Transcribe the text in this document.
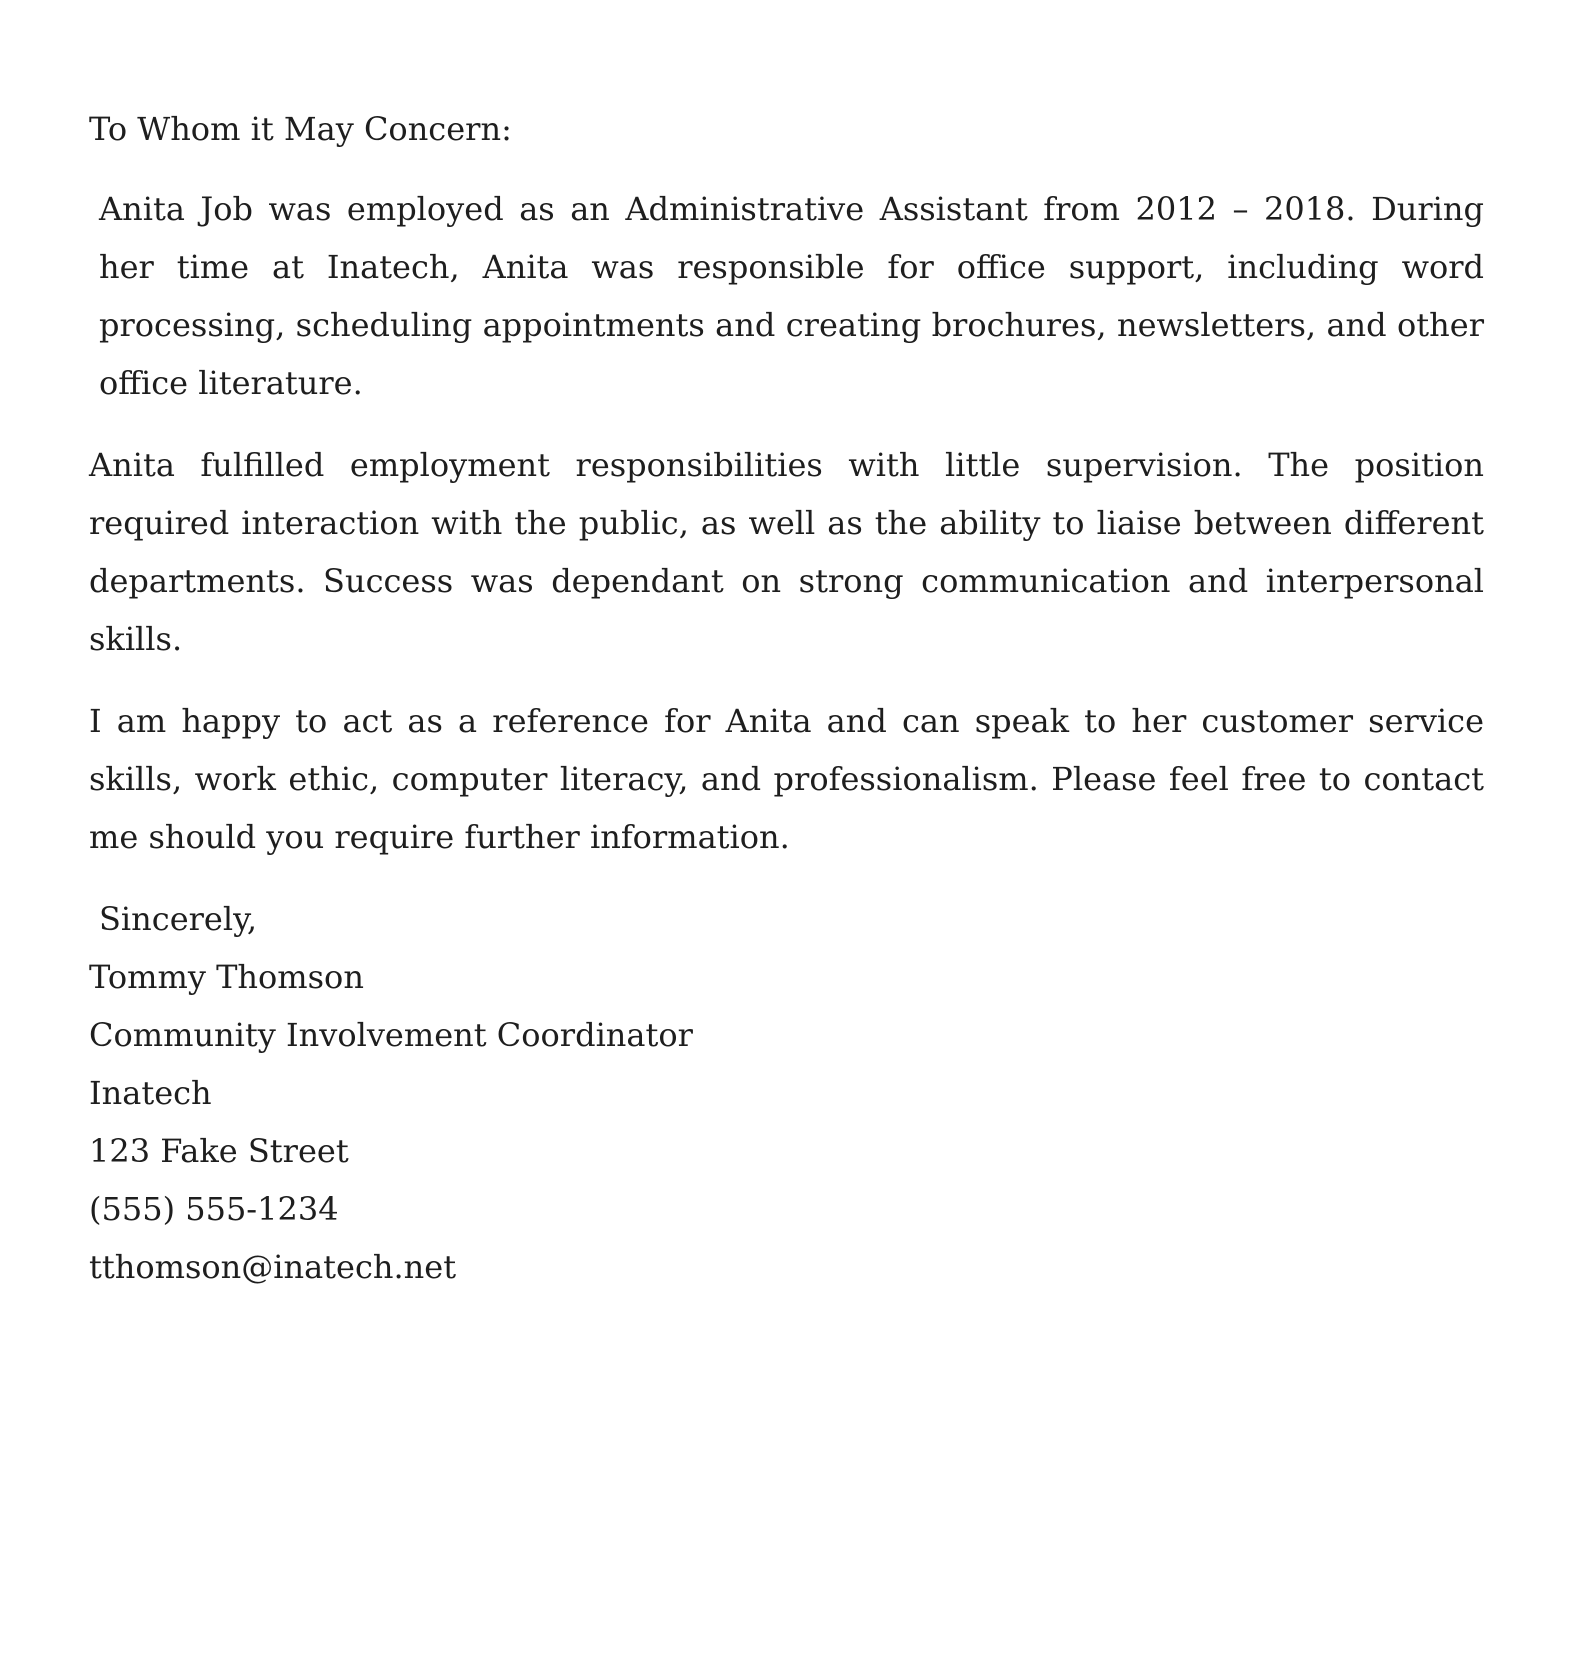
To Whom it May Concern:

Anita Job was employed as an Administrative Assistant from 2012 – 2018. During her time at Inatech, Anita was responsible for office support, including word processing, scheduling appointments and creating brochures, newsletters, and other office literature.

Anita fulfilled employment responsibilities with little supervision. The position required interaction with the public, as well as the ability to liaise between different departments. Success was dependant on strong communication and interpersonal skills.

I am happy to act as a reference for Anita and can speak to her customer service skills, work ethic, computer literacy, and professionalism. Please feel free to contact me should you require further information.

Sincerely,
Tommy Thomson
Community Involvement Coordinator
Inatech
123 Fake Street
(555) 555-1234
tthomson@inatech.net
